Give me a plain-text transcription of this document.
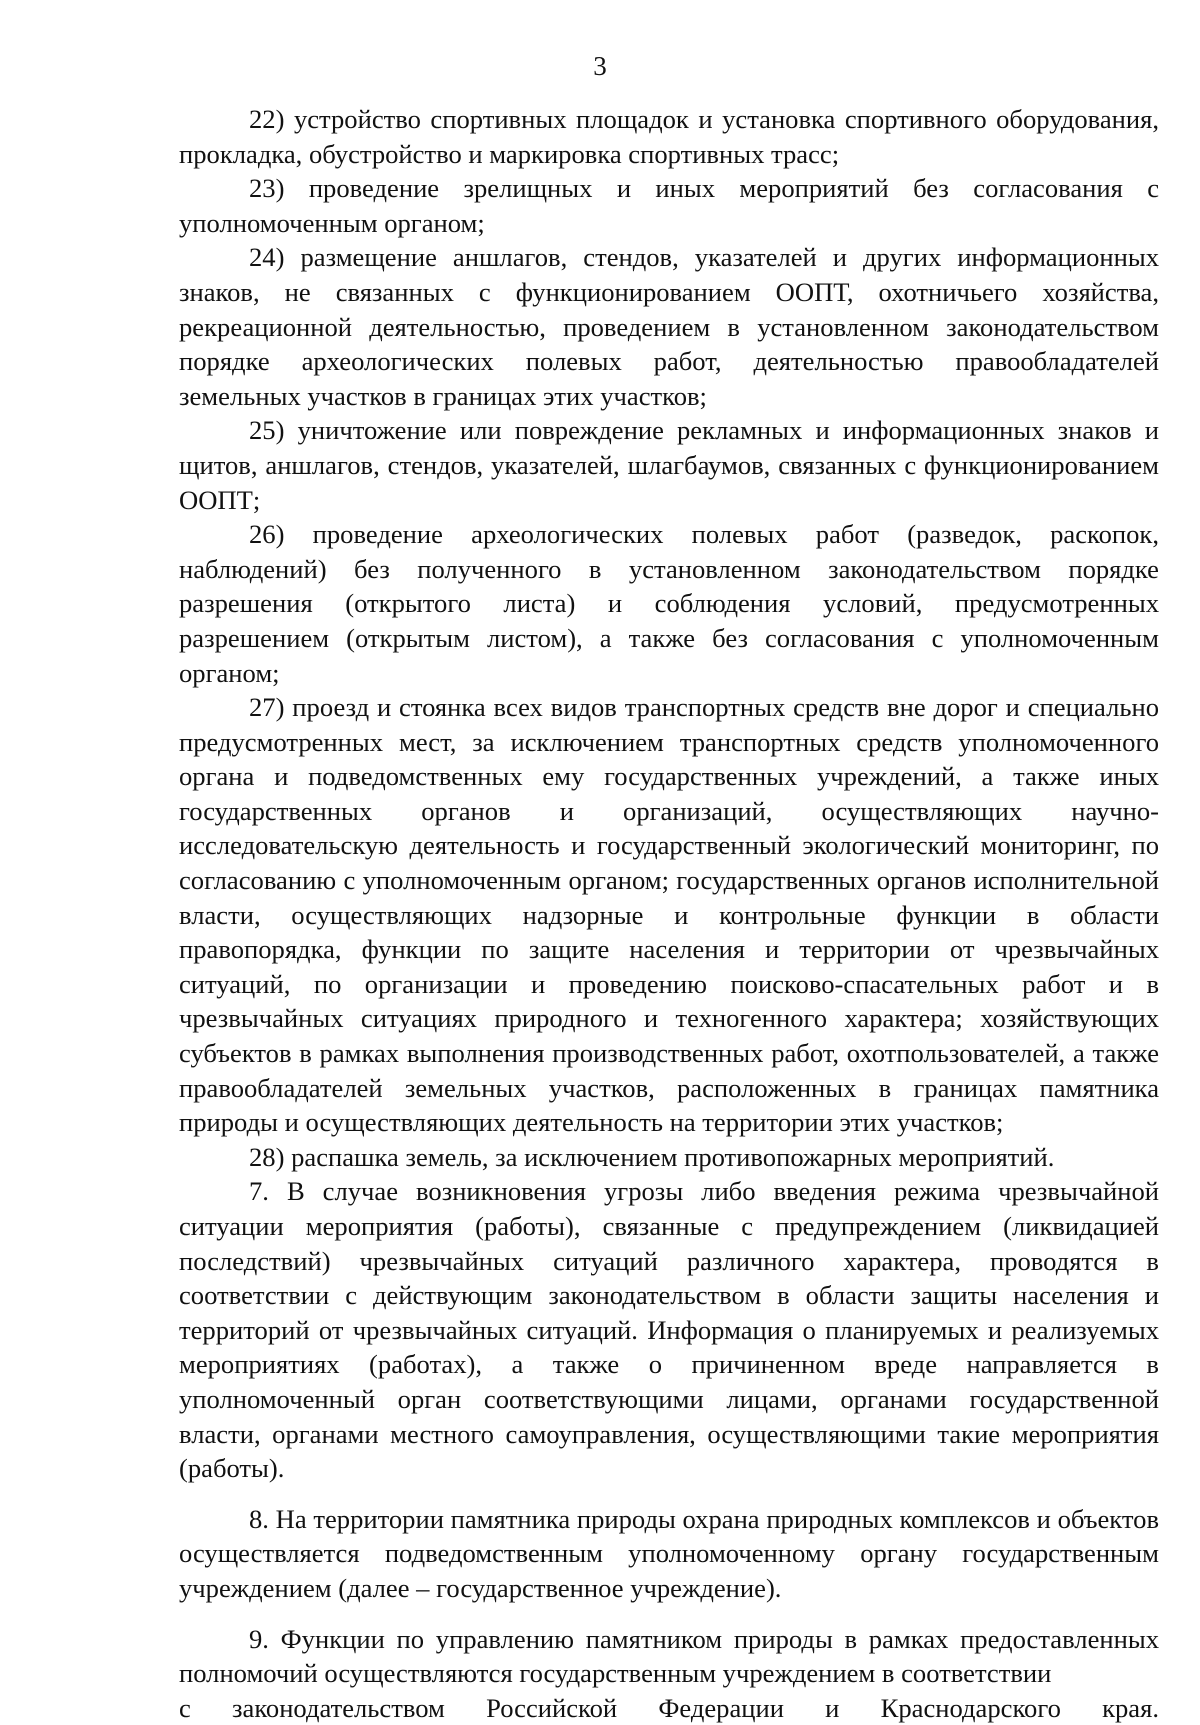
3

22) устройство спортивных площадок и установка спортивного оборудования, прокладка, обустройство и маркировка спортивных трасс;

23) проведение зрелищных и иных мероприятий без согласования с уполномоченным органом;

24) размещение аншлагов, стендов, указателей и других информационных знаков, не связанных с функционированием ООПТ, охотничьего хозяйства, рекреационной деятельностью, проведением в установленном законодательством порядке археологических полевых работ, деятельностью правообладателей земельных участков в границах этих участков;

25) уничтожение или повреждение рекламных и информационных знаков и щитов, аншлагов, стендов, указателей, шлагбаумов, связанных с функционированием ООПТ;

26) проведение археологических полевых работ (разведок, раскопок, наблюдений) без полученного в установленном законодательством порядке разрешения (открытого листа) и соблюдения условий, предусмотренных разрешением (открытым листом), а также без согласования с уполномоченным органом;

27) проезд и стоянка всех видов транспортных средств вне дорог и специально предусмотренных мест, за исключением транспортных средств уполномоченного органа и подведомственных ему государственных учреждений, а также иных государственных органов и организаций, осуществляющих научно-исследовательскую деятельность и государственный экологический мониторинг, по согласованию с уполномоченным органом; государственных органов исполнительной власти, осуществляющих надзорные и контрольные функции в области правопорядка, функции по защите населения и территории от чрезвычайных ситуаций, по организации и проведению поисково-спасательных работ и в чрезвычайных ситуациях природного и техногенного характера; хозяйствующих субъектов в рамках выполнения производственных работ, охотпользователей, а также правообладателей земельных участков, расположенных в границах памятника природы и осуществляющих деятельность на территории этих участков;

28) распашка земель, за исключением противопожарных мероприятий.

7. В случае возникновения угрозы либо введения режима чрезвычайной ситуации мероприятия (работы), связанные с предупреждением (ликвидацией последствий) чрезвычайных ситуаций различного характера, проводятся в соответствии с действующим законодательством в области защиты населения и территорий от чрезвычайных ситуаций. Информация о планируемых и реализуемых мероприятиях (работах), а также о причиненном вреде направляется в уполномоченный орган соответствующими лицами, органами государственной власти, органами местного самоуправления, осуществляющими такие мероприятия (работы).

8. На территории памятника природы охрана природных комплексов и объектов осуществляется подведомственным уполномоченному органу государственным учреждением (далее – государственное учреждение).

9. Функции по управлению памятником природы в рамках предоставленных полномочий осуществляются государственным учреждением в соответствии

с законодательством Российской Федерации и Краснодарского края.
